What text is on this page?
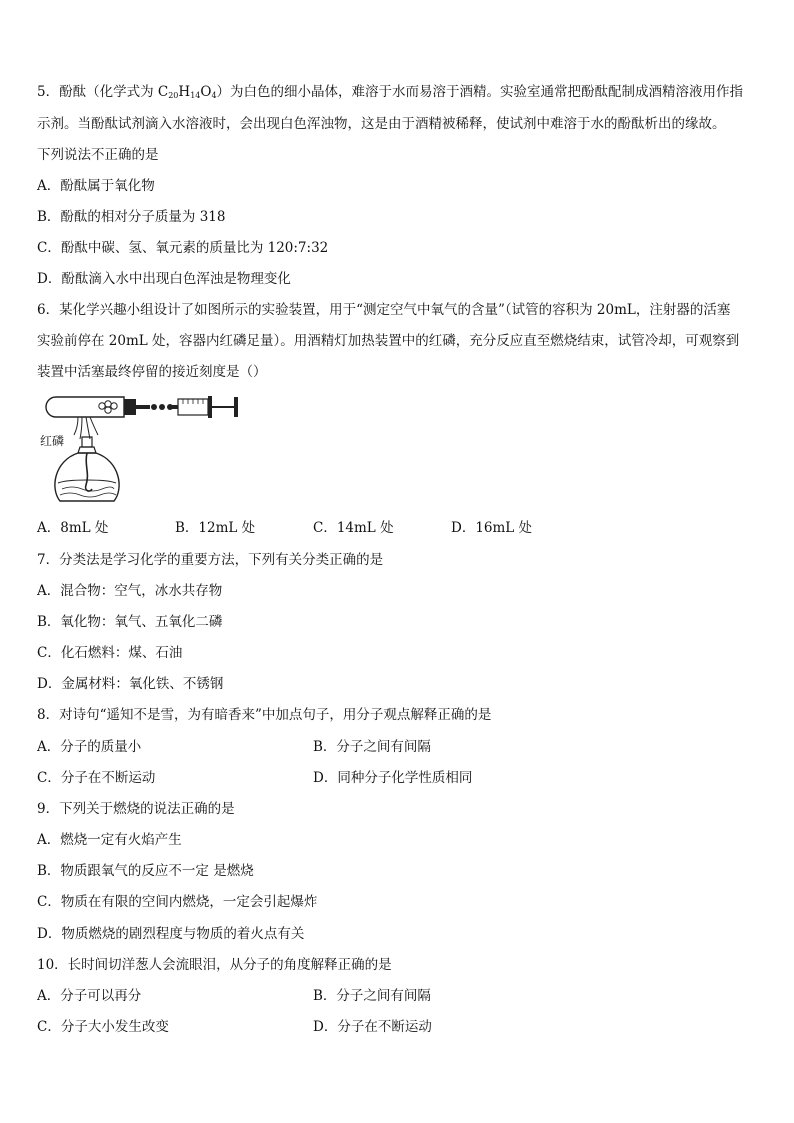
5．酚酞（化学式为 $C_{20}H_{14}O_4$）为白色的细小晶体，难溶于水而易溶于酒精。实验室通常把酚酞配制成酒精溶液用作指
示剂。当酚酞试剂滴入水溶液时，会出现白色浑浊物，这是由于酒精被稀释，使试剂中难溶于水的酚酞析出的缘故。
下列说法不正确的是
A．酚酞属于氧化物
B．酚酞的相对分子质量为 318
C．酚酞中碳、氢、氧元素的质量比为 120:7:32
D．酚酞滴入水中出现白色浑浊是物理变化
6．某化学兴趣小组设计了如图所示的实验装置，用于“测定空气中氧气的含量”（试管的容积为 20mL，注射器的活塞
实验前停在 20mL 处，容器内红磷足量）。用酒精灯加热装置中的红磷，充分反应直至燃烧结束，试管冷却，可观察到
装置中活塞最终停留的接近刻度是（）
红磷
A．8mL 处	B．12mL 处	C．14mL 处	D．16mL 处
7．分类法是学习化学的重要方法，下列有关分类正确的是
A．混合物：空气，冰水共存物
B．氧化物：氧气、五氧化二磷
C．化石燃料：煤、石油
D．金属材料：氧化铁、不锈钢
8．对诗句“遥知不是雪，为有暗香来”中加点句子，用分子观点解释正确的是
A．分子的质量小	B．分子之间有间隔
C．分子在不断运动	D．同种分子化学性质相同
9．下列关于燃烧的说法正确的是
A．燃烧一定有火焰产生
B．物质跟氧气的反应不一定 是燃烧
C．物质在有限的空间内燃烧，一定会引起爆炸
D．物质燃烧的剧烈程度与物质的着火点有关
10．长时间切洋葱人会流眼泪，从分子的角度解释正确的是
A．分子可以再分	B．分子之间有间隔
C．分子大小发生改变	D．分子在不断运动
